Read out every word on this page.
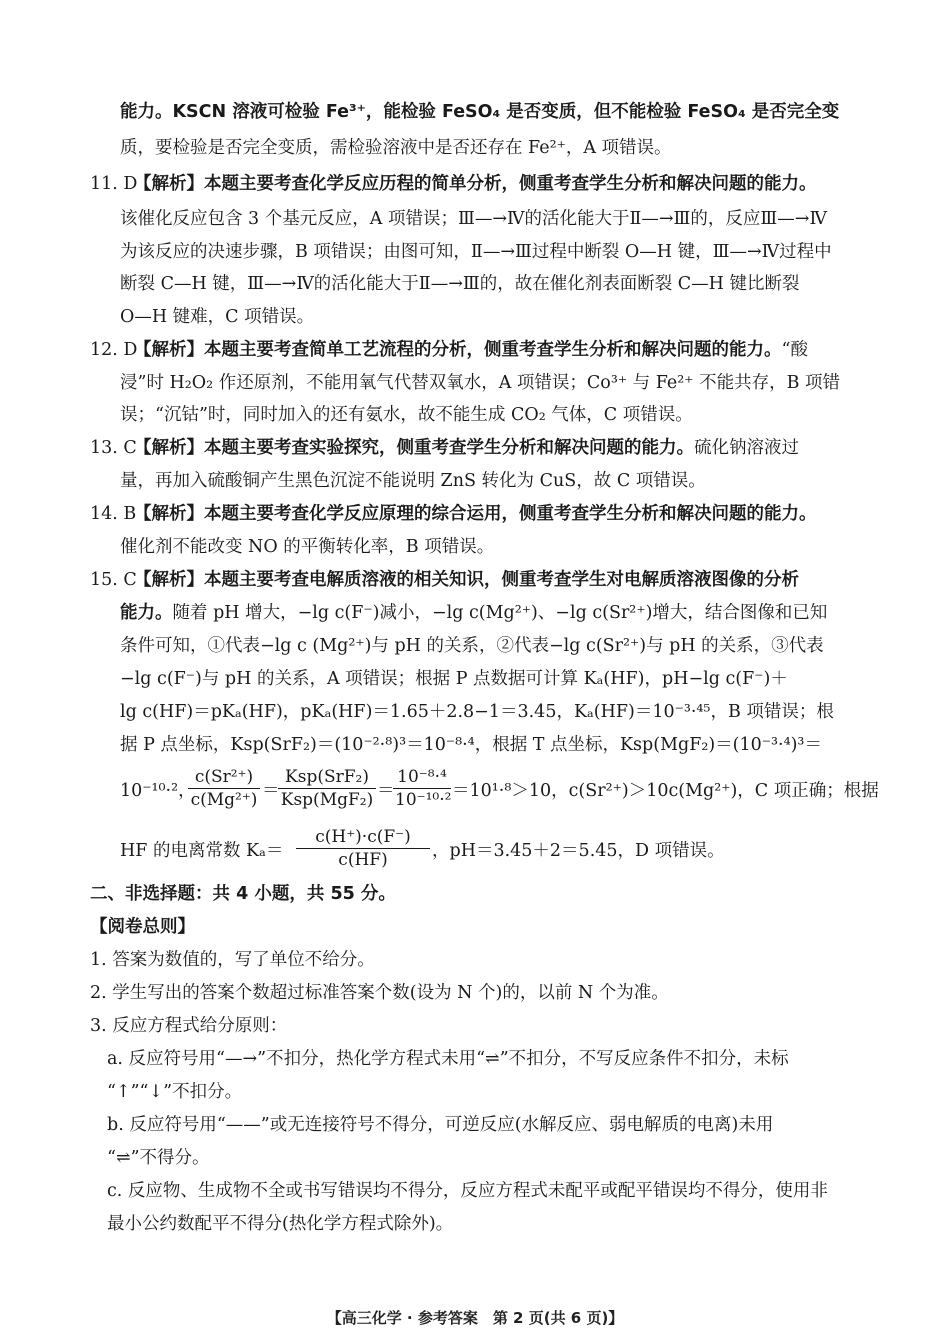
能力。KSCN 溶液可检验 Fe³⁺，能检验 FeSO₄ 是否变质，但不能检验 FeSO₄ 是否完全变
质，要检验是否完全变质，需检验溶液中是否还存在 Fe²⁺，A 项错误。
11. D【解析】本题主要考查化学反应历程的简单分析，侧重考查学生分析和解决问题的能力。
该催化反应包含 3 个基元反应，A 项错误；Ⅲ—→Ⅳ的活化能大于Ⅱ—→Ⅲ的，反应Ⅲ—→Ⅳ
为该反应的决速步骤，B 项错误；由图可知，Ⅱ—→Ⅲ过程中断裂 O—H 键，Ⅲ—→Ⅳ过程中
断裂 C—H 键，Ⅲ—→Ⅳ的活化能大于Ⅱ—→Ⅲ的，故在催化剂表面断裂 C—H 键比断裂
O—H 键难，C 项错误。
12. D【解析】本题主要考查简单工艺流程的分析，侧重考查学生分析和解决问题的能力。“酸
浸”时 H₂O₂ 作还原剂，不能用氧气代替双氧水，A 项错误；Co³⁺ 与 Fe²⁺ 不能共存，B 项错
误；“沉钴”时，同时加入的还有氨水，故不能生成 CO₂ 气体，C 项错误。
13. C【解析】本题主要考查实验探究，侧重考查学生分析和解决问题的能力。硫化钠溶液过
量，再加入硫酸铜产生黑色沉淀不能说明 ZnS 转化为 CuS，故 C 项错误。
14. B【解析】本题主要考查化学反应原理的综合运用，侧重考查学生分析和解决问题的能力。
催化剂不能改变 NO 的平衡转化率，B 项错误。
15. C【解析】本题主要考查电解质溶液的相关知识，侧重考查学生对电解质溶液图像的分析
能力。随着 pH 增大，−lg c(F⁻)减小，−lg c(Mg²⁺)、−lg c(Sr²⁺)增大，结合图像和已知
条件可知，①代表−lg c (Mg²⁺)与 pH 的关系，②代表−lg c(Sr²⁺)与 pH 的关系，③代表
−lg c(F⁻)与 pH 的关系，A 项错误；根据 P 点数据可计算 Kₐ(HF)，pH−lg c(F⁻)＋
lg c(HF)＝pKₐ(HF)，pKₐ(HF)＝1.65＋2.8−1＝3.45，Kₐ(HF)＝10⁻³·⁴⁵，B 项错误；根
据 P 点坐标，Ksp(SrF₂)＝(10⁻²·⁸)³＝10⁻⁸·⁴，根据 T 点坐标，Ksp(MgF₂)＝(10⁻³·⁴)³＝
10⁻¹⁰·²，
c(Sr²⁺)
c(Mg²⁺) ＝
Ksp(SrF₂)
Ksp(MgF₂) ＝
10⁻⁸·⁴
10⁻¹⁰·² ＝10¹·⁸＞10，c(Sr²⁺)＞10c(Mg²⁺)，C 项正确；根据
HF 的电离常数 Kₐ＝
c(H⁺)·c(F⁻)
c(HF)	，pH＝3.45＋2＝5.45，D 项错误。
二、非选择题：共 4 小题，共 55 分。
【阅卷总则】
1. 答案为数值的，写了单位不给分。
2. 学生写出的答案个数超过标准答案个数(设为 N 个)的，以前 N 个为准。
3. 反应方程式给分原则：
a. 反应符号用“—→”不扣分，热化学方程式未用“⇌”不扣分，不写反应条件不扣分，未标
“↑”“↓”不扣分。
b. 反应符号用“——”或无连接符号不得分，可逆反应(水解反应、弱电解质的电离)未用
“⇌”不得分。
c. 反应物、生成物不全或书写错误均不得分，反应方程式未配平或配平错误均不得分，使用非
最小公约数配平不得分(热化学方程式除外)。
【高三化学 · 参考答案　第 2 页(共 6 页)】
